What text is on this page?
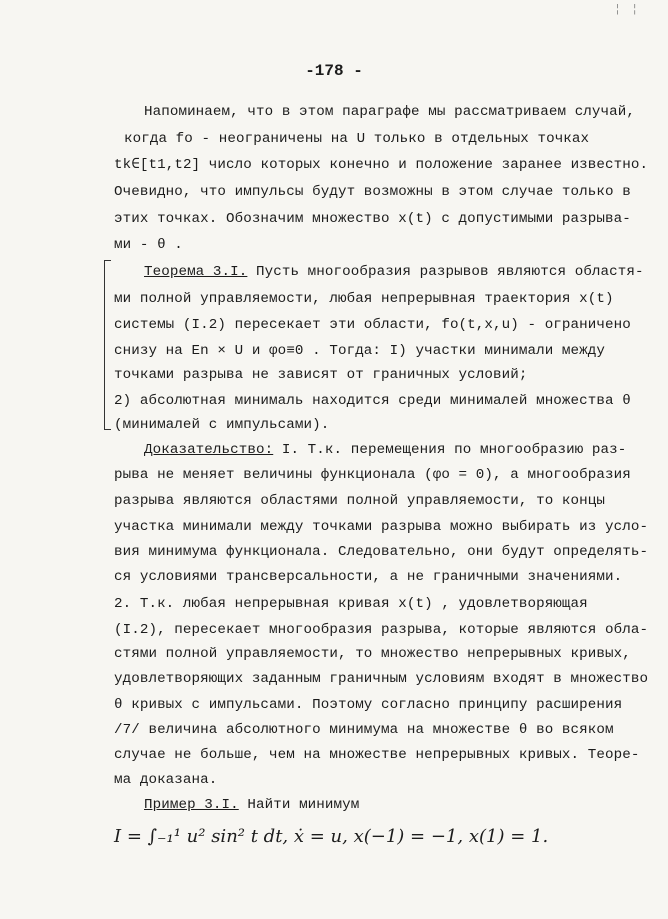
¦ ¦
-178 -
Напоминаем, что в этом параграфе мы рассматриваем случай,
когда fo - неограничены на U только в отдельных точках
tk∈[t1,t2] число которых конечно и положение заранее известно.
Очевидно, что импульсы будут возможны в этом случае только в
этих точках. Обозначим множество x(t) с допустимыми разрыва-
ми - θ .
Теорема 3.I. Пусть многообразия разрывов являются областя-
ми полной управляемости, любая непрерывная траектория x(t)
системы (I.2) пересекает эти области, fo(t,x,u) - ограничено
снизу на En × U и φo≡0 . Тогда: I) участки минимали между
точками разрыва не зависят от граничных условий;
2) абсолютная минималь находится среди минималей множества θ
(минималей с импульсами).
Доказательство: I. Т.к. перемещения по многообразию раз-
рыва не меняет величины функционала (φo = 0), а многообразия
разрыва являются областями полной управляемости, то концы
участка минимали между точками разрыва можно выбирать из усло-
вия минимума функционала. Следовательно, они будут определять-
ся условиями трансверсальности, а не граничными значениями.
2. Т.к. любая непрерывная кривая x(t) , удовлетворяющая
(I.2), пересекает многообразия разрыва, которые являются обла-
стями полной управляемости, то множество непрерывных кривых,
удовлетворяющих заданным граничным условиям входят в множество
θ кривых с импульсами. Поэтому согласно принципу расширения
/7/ величина абсолютного минимума на множестве θ во всяком
случае не больше, чем на множестве непрерывных кривых. Теоре-
ма доказана.
Пример 3.I. Найти минимум
I = ∫₋₁¹ u² sin² t dt, ẋ = u, x(−1) = −1, x(1) = 1.
